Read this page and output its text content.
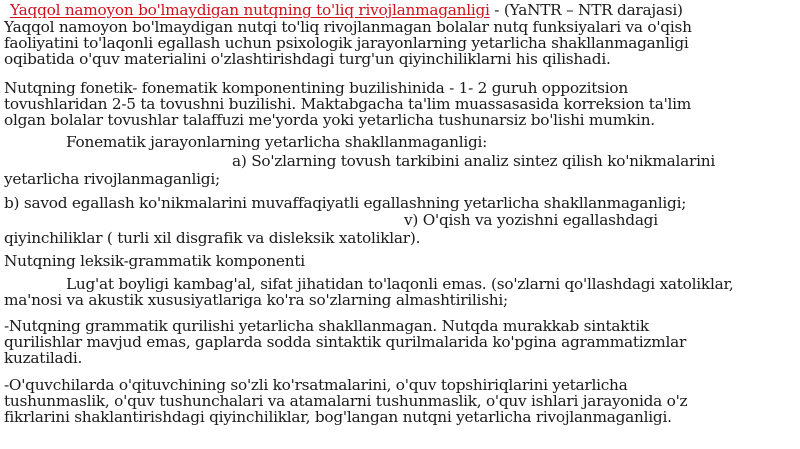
Yaqqol namoyon bo'lmaydigan nutqning to'liq rivojlanmaganligi - (YaNTR – NTR darajasi)

Yaqqol namoyon bo'lmaydigan nutqi to'liq rivojlanmagan bolalar nutq funksiyalari va o'qish

faoliyatini to'laqonli egallash uchun psixologik jarayonlarning yetarlicha shakllanmaganligi

oqibatida o'quv materialini o'zlashtirishdagi turg'un qiyinchiliklarni his qilishadi.

Nutqning fonetik- fonematik komponentining buzilishinida - 1- 2 guruh oppozitsion

tovushlaridan 2-5 ta tovushni buzilishi. Maktabgacha ta'lim muassasasida korreksion ta'lim

olgan bolalar tovushlar talaffuzi me'yorda yoki yetarlicha tushunarsiz bo'lishi mumkin.

Fonematik jarayonlarning yetarlicha shakllanmaganligi:

a) So'zlarning tovush tarkibini analiz sintez qilish ko'nikmalarini

yetarlicha rivojlanmaganligi;

b) savod egallash ko'nikmalarini muvaffaqiyatli egallashning yetarlicha shakllanmaganligi;

v) O'qish va yozishni egallashdagi

qiyinchiliklar ( turli xil disgrafik va disleksik xatoliklar).

Nutqning leksik-grammatik komponenti

Lug'at boyligi kambag'al, sifat jihatidan to'laqonli emas. (so'zlarni qo'llashdagi xatoliklar,

ma'nosi va akustik xususiyatlariga ko'ra so'zlarning almashtirilishi;

-Nutqning grammatik qurilishi yetarlicha shakllanmagan. Nutqda murakkab sintaktik

qurilishlar mavjud emas, gaplarda sodda sintaktik qurilmalarida ko'pgina agrammatizmlar

kuzatiladi.

-O'quvchilarda o'qituvchining so'zli ko'rsatmalarini, o'quv topshiriqlarini yetarlicha

tushunmaslik, o'quv tushunchalari va atamalarni tushunmaslik, o'quv ishlari jarayonida o'z

fikrlarini shaklantirishdagi qiyinchiliklar, bog'langan nutqni yetarlicha rivojlanmaganligi.
